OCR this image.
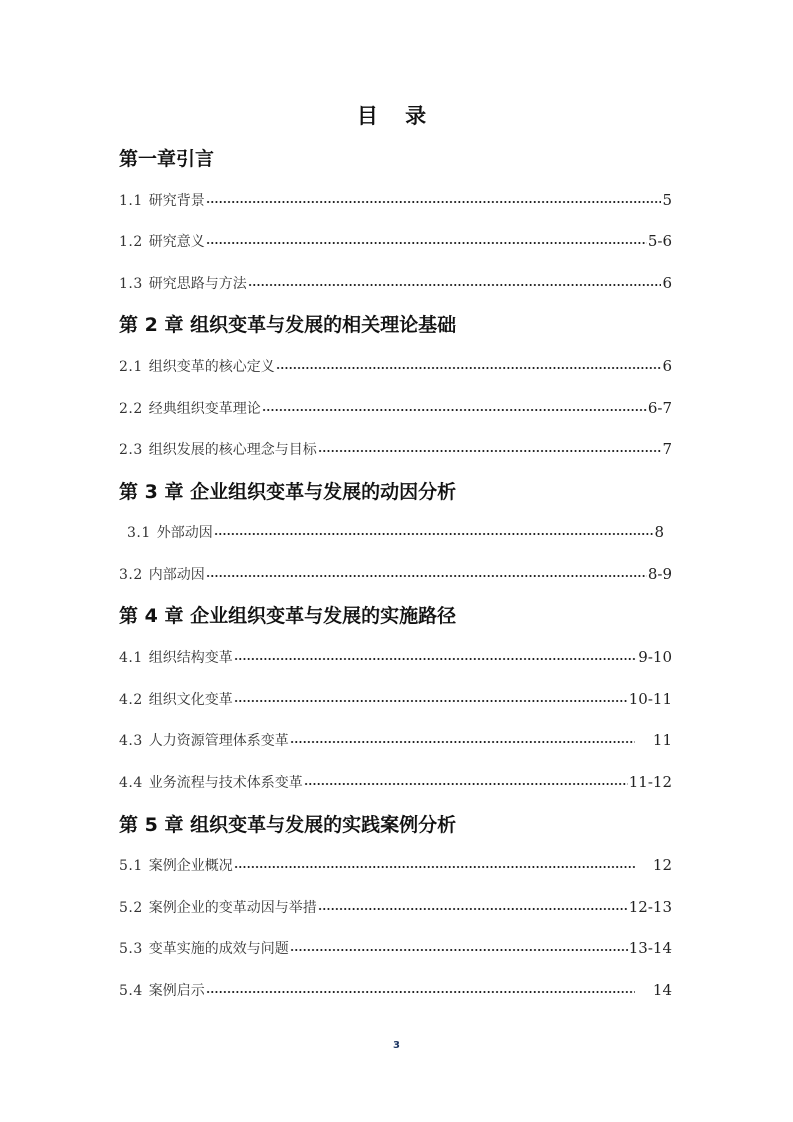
目 录
第一章引言
1.1 研究背景	5
1.2 研究意义	5-6
1.3 研究思路与方法	6
第 2 章 组织变革与发展的相关理论基础
2.1 组织变革的核心定义	6
2.2 经典组织变革理论	6-7
2.3 组织发展的核心理念与目标	7
第 3 章 企业组织变革与发展的动因分析
3.1 外部动因	8
3.2 内部动因	8-9
第 4 章 企业组织变革与发展的实施路径
4.1 组织结构变革	9-10
4.2 组织文化变革	10-11
4.3 人力资源管理体系变革	11
4.4 业务流程与技术体系变革	11-12
第 5 章 组织变革与发展的实践案例分析
5.1 案例企业概况	12
5.2 案例企业的变革动因与举措	12-13
5.3 变革实施的成效与问题	13-14
5.4 案例启示	14
3
